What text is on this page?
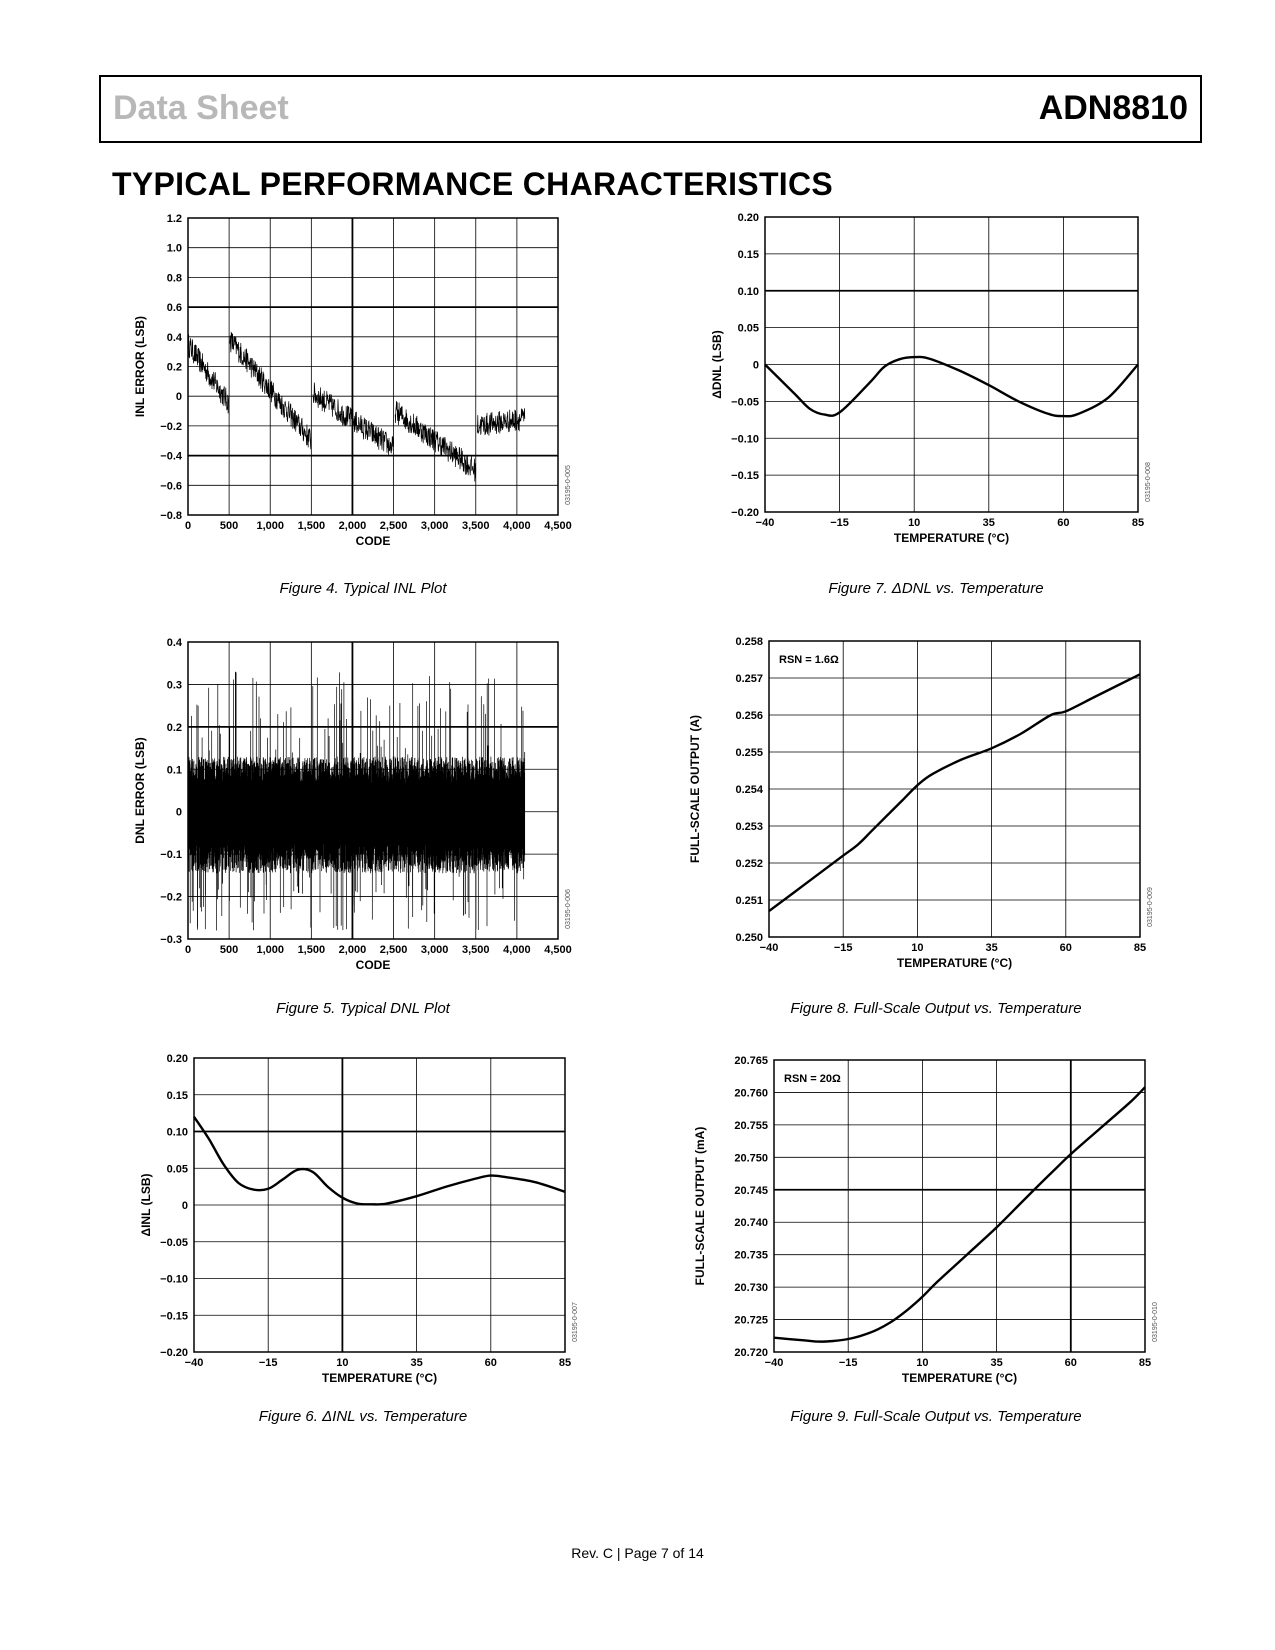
Data Sheet	ADN8810
TYPICAL PERFORMANCE CHARACTERISTICS
0	500 1,000 1,500 2,000 2,500 3,000 3,500 4,000 4,500
1.2
1.0
0.8
0.6
0.4
0.2
0
−0.2
−0.4
−0.6
−0.8
CODE
INL ERROR (LSB)
03195-0-005
−40	−15	10	35	60	85
0.20
0.15
0.10
0.05
0
−0.05
−0.10
−0.15
−0.20
TEMPERATURE (°C)
ΔDNL (LSB)
03195-0-008
0	500 1,000 1,500 2,000 2,500 3,000 3,500 4,000 4,500
0.4
0.3
0.2
0.1
0
−0.1
−0.2
−0.3
CODE
DNL ERROR (LSB)
03195-0-006
−40	−15	10	35	60	85
0.258
0.257
0.256
0.255
0.254
0.253
0.252
0.251
0.250
TEMPERATURE (°C)
FULL-SCALE OUTPUT (A)
03195-0-009
RSN = 1.6Ω
−40	−15	10	35	60	85
0.20
0.15
0.10
0.05
0
−0.05
−0.10
−0.15
−0.20
TEMPERATURE (°C)
ΔINL (LSB)
03195-0-007
−40	−15	10	35	60	85
20.765
20.760
20.755
20.750
20.745
20.740
20.735
20.730
20.725
20.720
TEMPERATURE (°C)
FULL-SCALE OUTPUT (mA)
03195-0-010
RSN = 20Ω
Figure 4. Typical INL Plot	Figure 7. ΔDNL vs. Temperature
Figure 5. Typical DNL Plot	Figure 8. Full-Scale Output vs. Temperature
Figure 6. ΔINL vs. Temperature	Figure 9. Full-Scale Output vs. Temperature
Rev. C | Page 7 of 14
